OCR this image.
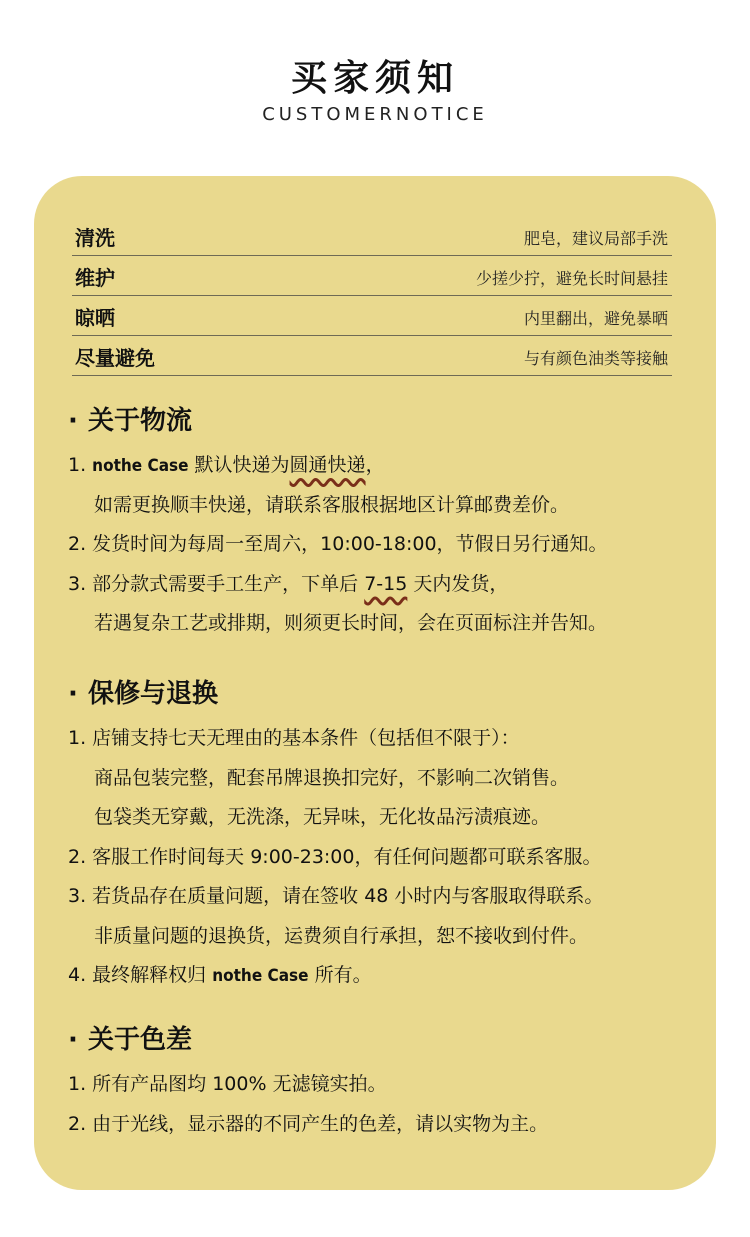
买家须知
CUSTOMERNOTICE
清洗	肥皂，建议局部手洗
维护	少搓少拧，避免长时间悬挂
晾晒	内里翻出，避免暴晒
尽量避免	与有颜色油类等接触
· 关于物流
1. nothe Case 默认快递为圆通快递，
如需更换顺丰快递，请联系客服根据地区计算邮费差价。
2. 发货时间为每周一至周六，10:00-18:00，节假日另行通知。
3. 部分款式需要手工生产，下单后 7-15 天内发货，
若遇复杂工艺或排期，则须更长时间，会在页面标注并告知。
· 保修与退换
1. 店铺支持七天无理由的基本条件（包括但不限于）：
商品包装完整，配套吊牌退换扣完好，不影响二次销售。
包袋类无穿戴，无洗涤，无异味，无化妆品污渍痕迹。
2. 客服工作时间每天 9:00-23:00，有任何问题都可联系客服。
3. 若货品存在质量问题，请在签收 48 小时内与客服取得联系。
非质量问题的退换货，运费须自行承担，恕不接收到付件。
4. 最终解释权归 nothe Case 所有。
· 关于色差
1. 所有产品图均 100% 无滤镜实拍。
2. 由于光线，显示器的不同产生的色差，请以实物为主。
